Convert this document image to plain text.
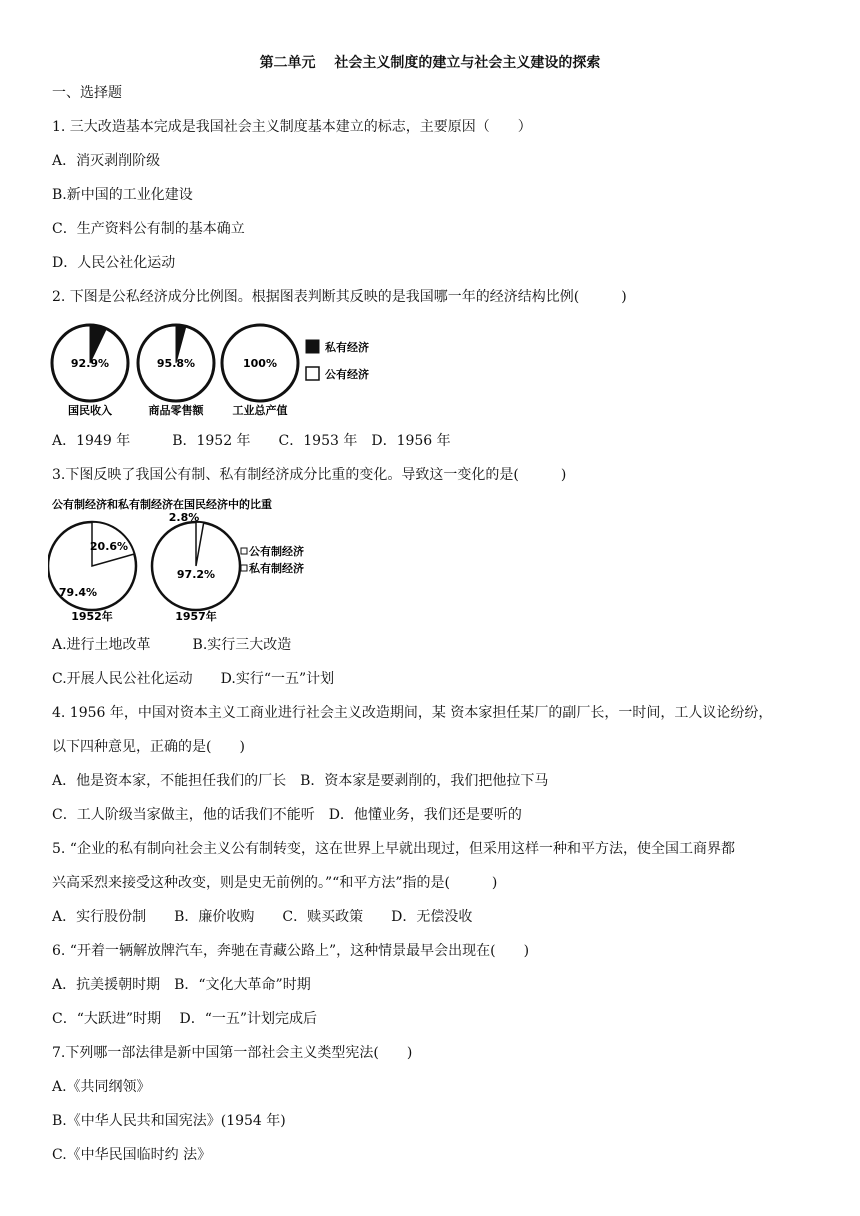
第二单元　 社会主义制度的建立与社会主义建设的探索
一、选择题
1. 三大改造基本完成是我国社会主义制度基本建立的标志，主要原因（　　）
A．消灭剥削阶级
B.新中国的工业化建设
C．生产资料公有制的基本确立
D．人民公社化运动
2. 下图是公私经济成分比例图。根据图表判断其反映的是我国哪一年的经济结构比例(　　　)
92.9%
国民收入
95.8%
商品零售额
100%
工业总产值
私有经济
公有经济
A．1949 年　　　B．1952 年　　C．1953 年　D．1956 年
3.下图反映了我国公有制、私有制经济成分比重的变化。导致这一变化的是(　　　)
公有制经济和私有制经济在国民经济中的比重
79.4%
20.6%
1952年
97.2%
2.8%
1957年
公有制经济
私有制经济
A.进行土地改革　　　B.实行三大改造
C.开展人民公社化运动　　D.实行“一五”计划
4. 1956 年，中国对资本主义工商业进行社会主义改造期间，某 资本家担任某厂的副厂长，一时间，工人议论纷纷，
以下四种意见，正确的是(　　)
A．他是资本家，不能担任我们的厂长　B．资本家是要剥削的，我们把他拉下马
C．工人阶级当家做主，他的话我们不能听　D．他懂业务，我们还是要听的
5. “企业的私有制向社会主义公有制转变，这在世界上早就出现过，但采用这样一种和平方法，使全国工商界都
兴高采烈来接受这种改变，则是史无前例的。”“和平方法”指的是(　　　)
A．实行股份制　　B．廉价收购　　C．赎买政策　　D．无偿没收
6. “开着一辆解放牌汽车，奔驰在青藏公路上”，这种情景最早会出现在(　　)
A．抗美援朝时期　B．“文化大革命”时期
C．“大跃进”时期　 D．“一五”计划完成后
7.下列哪一部法律是新中国第一部社会主义类型宪法(　　)
A.《共同纲领》
B.《中华人民共和国宪法》(1954 年)
C.《中华民国临时约 法》
